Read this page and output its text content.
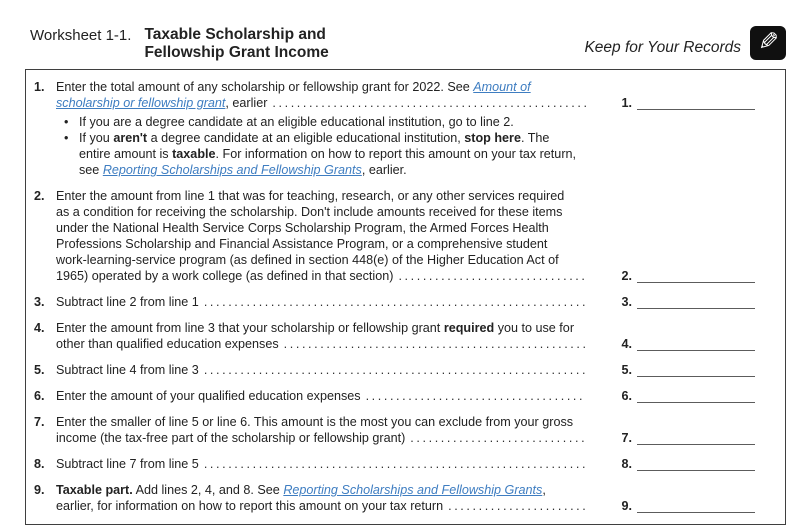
Worksheet 1-1. Taxable Scholarship and
Fellowship Grant Income	Keep for Your Records ✎
1. Enter the total amount of any scholarship or fellowship grant for 2022. See Amount of
scholarship or fellowship grant, earlier .....	1.
• If you are a degree candidate at an eligible educational institution, go to line 2.
• If you aren't a degree candidate at an eligible educational institution, stop here. The entire amount is taxable. For information on how to report this amount on your tax return, see Reporting Scholarships and Fellowship Grants, earlier.
2. Enter the amount from line 1 that was for teaching, research, or any other services required
as a condition for receiving the scholarship. Don't include amounts received for these items
under the National Health Service Corps Scholarship Program, the Armed Forces Health
Professions Scholarship and Financial Assistance Program, or a comprehensive student
work-learning-service program (as defined in section 448(e) of the Higher Education Act of
1965) operated by a work college (as defined in that section) .....	2.
3. Subtract line 2 from line 1 .....	3.
4. Enter the amount from line 3 that your scholarship or fellowship grant required you to use for
other than qualified education expenses .....	4.
5. Subtract line 4 from line 3 .....	5.
6. Enter the amount of your qualified education expenses .....	6.
7. Enter the smaller of line 5 or line 6. This amount is the most you can exclude from your gross
income (the tax-free part of the scholarship or fellowship grant) .....	7.
8. Subtract line 7 from line 5 .....	8.
9. Taxable part. Add lines 2, 4, and 8. See Reporting Scholarships and Fellowship Grants,
earlier, for information on how to report this amount on your tax return .....	9.
